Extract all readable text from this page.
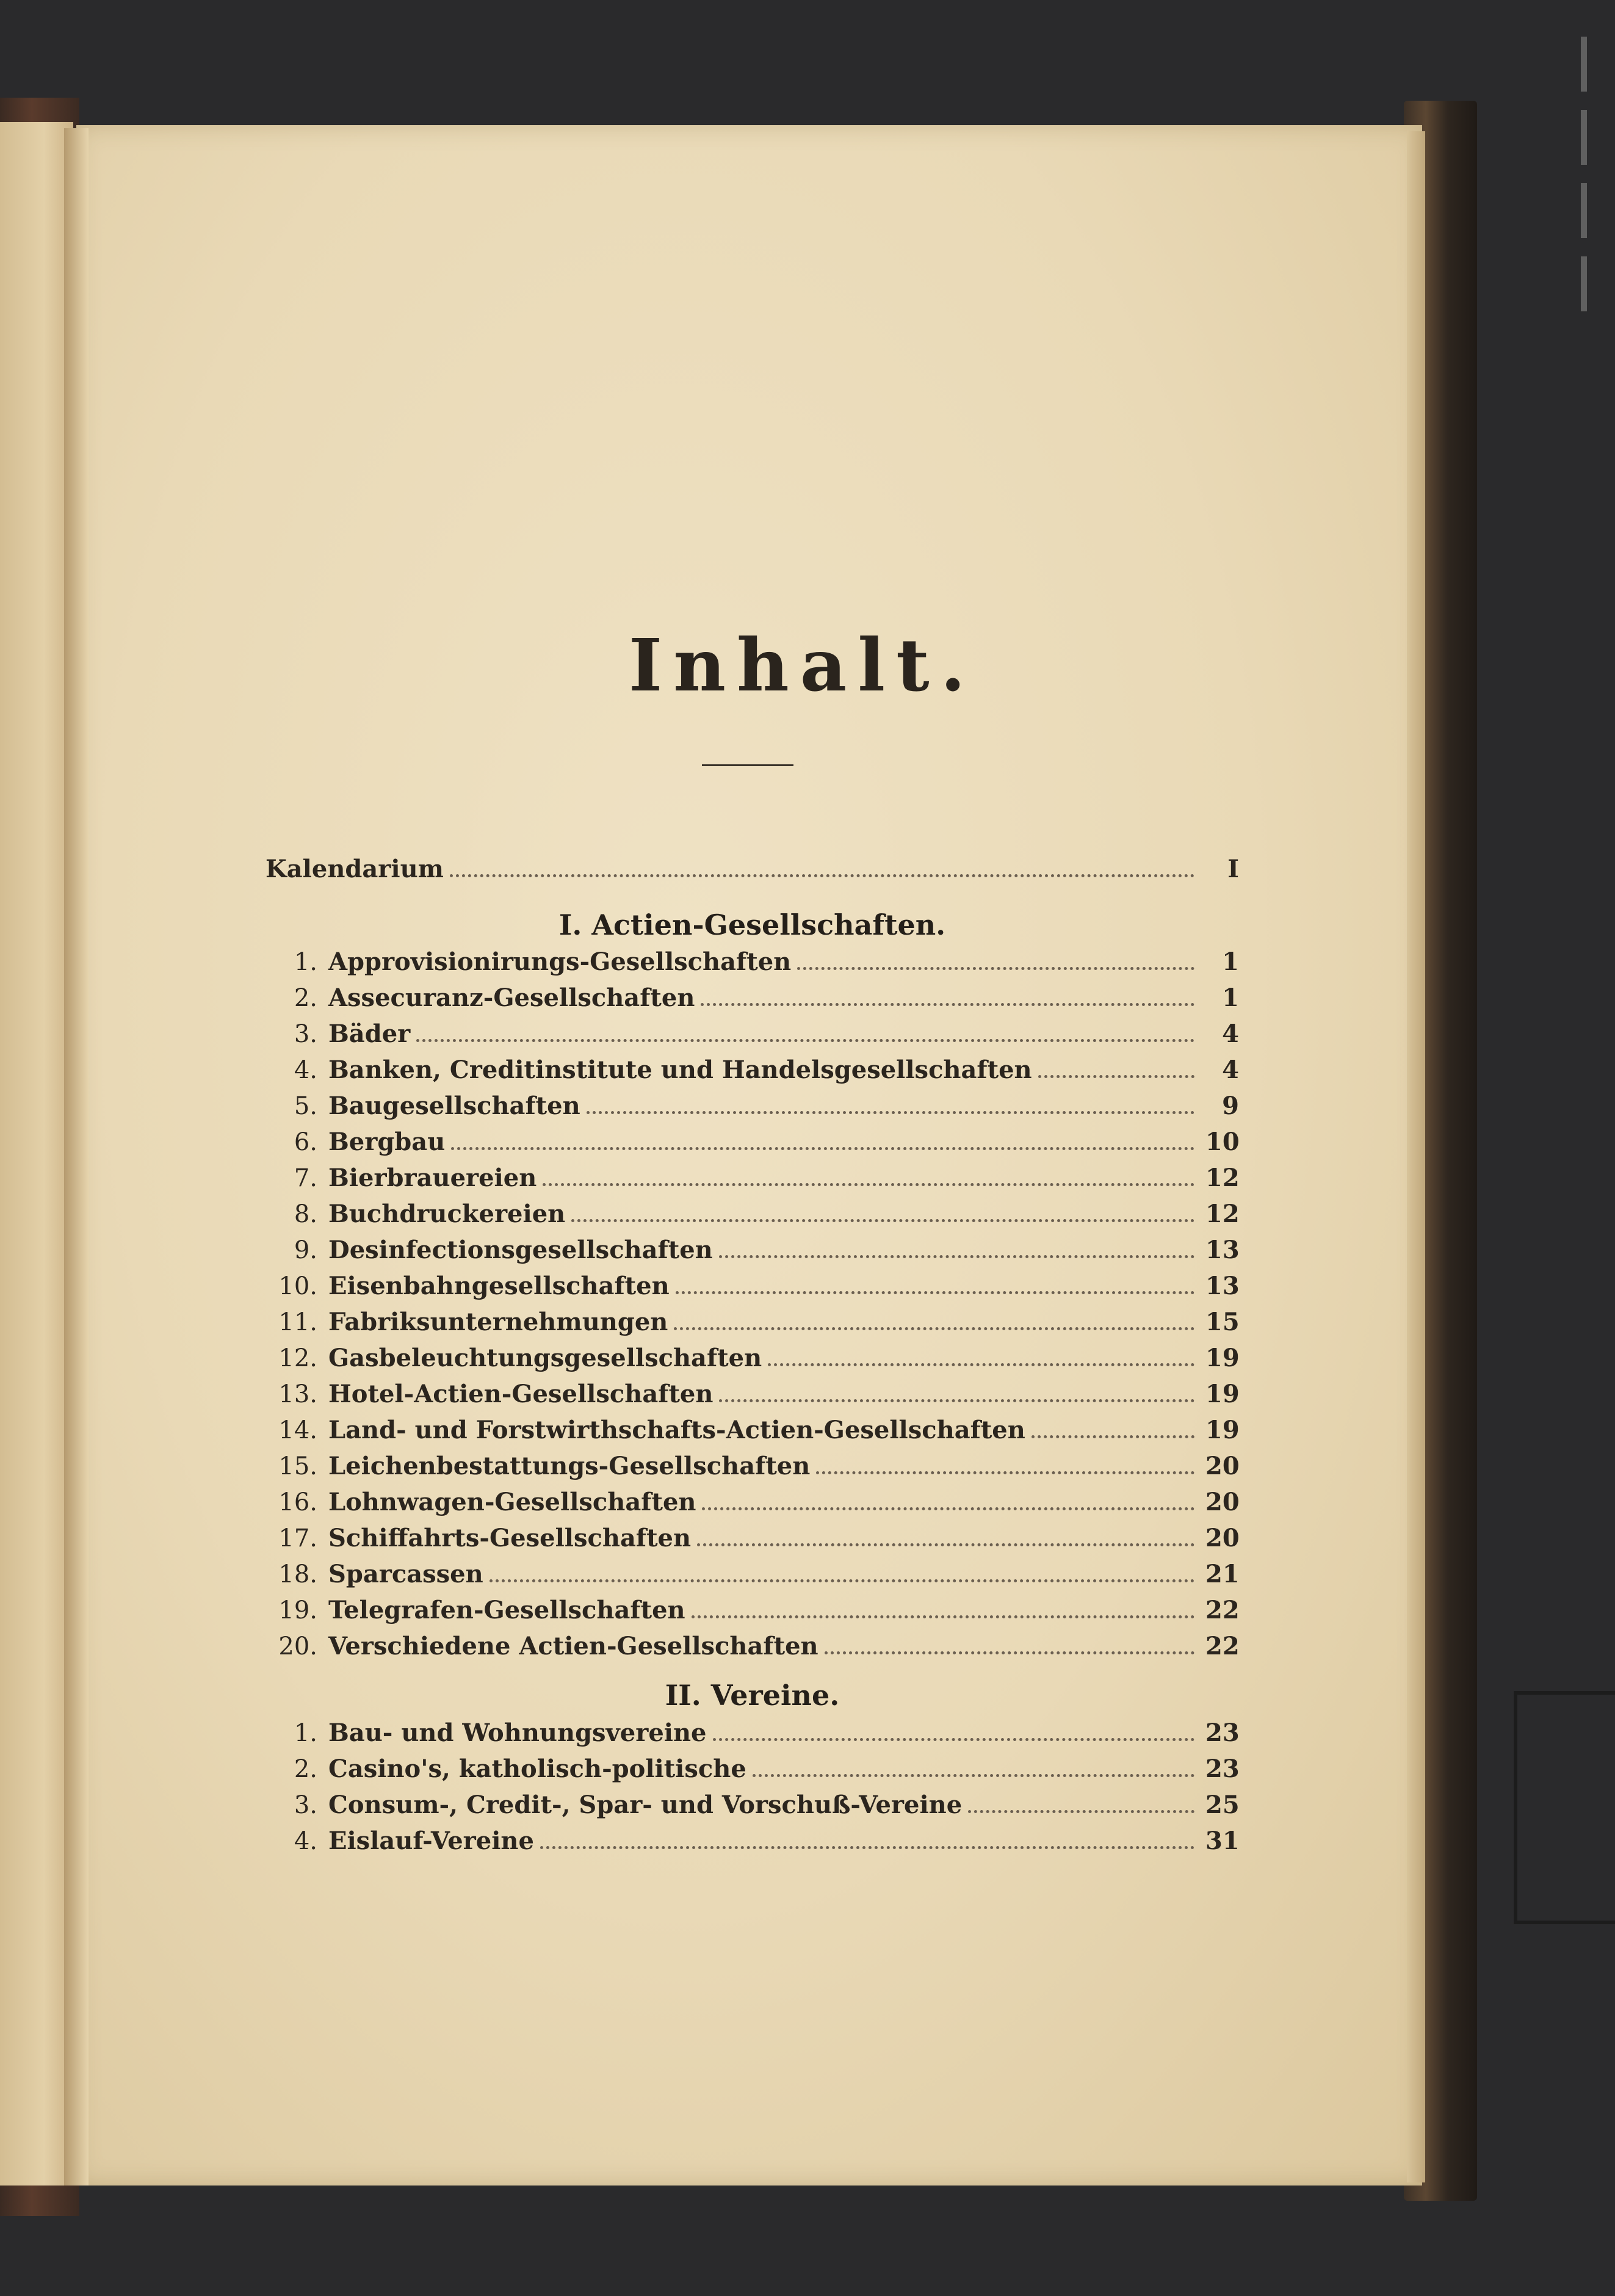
Inhalt.
Kalendarium	I
I. Actien-Gesellschaften.
1. Approvisionirungs-Gesellschaften	1
2. Assecuranz-Gesellschaften	1
3. Bäder	4
4. Banken, Creditinstitute und Handelsgesellschaften	4
5. Baugesellschaften	9
6. Bergbau	10
7. Bierbrauereien	12
8. Buchdruckereien	12
9. Desinfectionsgesellschaften	13
10. Eisenbahngesellschaften	13
11. Fabriksunternehmungen	15
12. Gasbeleuchtungsgesellschaften	19
13. Hotel-Actien-Gesellschaften	19
14. Land- und Forstwirthschafts-Actien-Gesellschaften	19
15. Leichenbestattungs-Gesellschaften	20
16. Lohnwagen-Gesellschaften	20
17. Schiffahrts-Gesellschaften	20
18. Sparcassen	21
19. Telegrafen-Gesellschaften	22
20. Verschiedene Actien-Gesellschaften	22
II. Vereine.
1. Bau- und Wohnungsvereine	23
2. Casino's, katholisch-politische	23
3. Consum-, Credit-, Spar- und Vorschuß-Vereine	25
4. Eislauf-Vereine	31
